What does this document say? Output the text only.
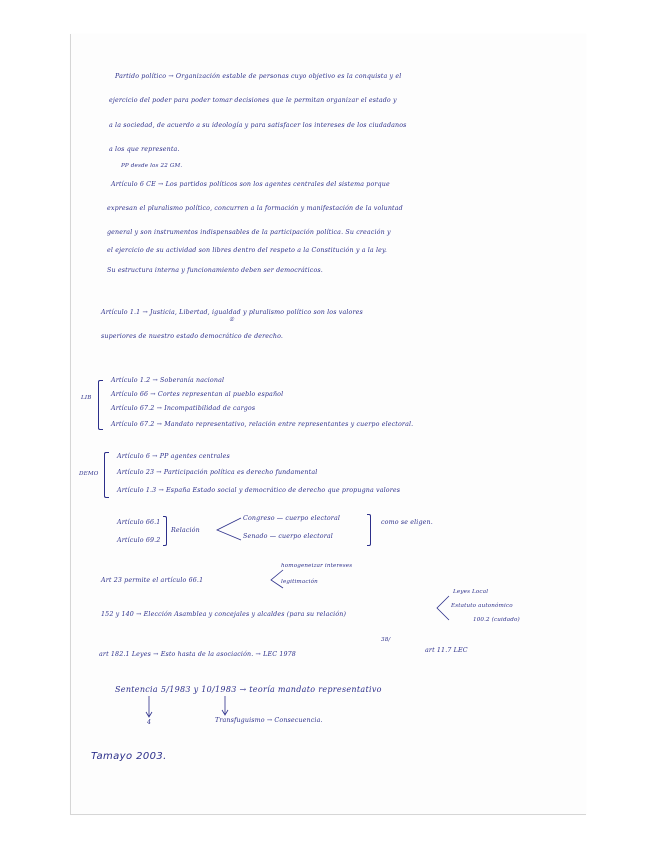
Partido político → Organización estable de personas cuyo objetivo es la conquista y el
ejercicio del poder para poder tomar decisiones que le permitan organizar el estado y
a la sociedad, de acuerdo a su ideología y para satisfacer los intereses de los ciudadanos
a los que representa.
PP desde los 22 GM.
Artículo 6 CE → Los partidos políticos son los agentes centrales del sistema porque
expresan el pluralismo político, concurren a la formación y manifestación de la voluntad
general y son instrumentos indispensables de la participación política. Su creación y
el ejercicio de su actividad son libres dentro del respeto a la Constitución y a la ley.
Su estructura interna y funcionamiento deben ser democráticos.
Artículo 1.1 → Justicia, Libertad, igualdad y pluralismo político son los valores
①
superiores de nuestro estado democrático de derecho.
LIB
Artículo 1.2 → Soberanía nacional
Artículo 66 → Cortes representan al pueblo español
Artículo 67.2 → Incompatibilidad de cargos
Artículo 67.2 → Mandato representativo, relación entre representantes y cuerpo electoral.
DEMO
Artículo 6 → PP agentes centrales
Artículo 23 → Participación política es derecho fundamental
Artículo 1.3 → España Estado social y democrático de derecho que propugna valores
Artículo 66.1
Artículo 69.2
Relación
Congreso — cuerpo electoral
Senado — cuerpo electoral
como se eligen.
Art 23 permite el artículo 66.1
homogeneizar intereses
legitimación
152 y 140 → Elección Asamblea y concejales y alcaldes (para su relación)
Leyes Local
Estatuto autonómico
100.2 (cuidado)
38/
art 182.1 Leyes → Esto hasta de la asociación. → LEC 1978
art 11.7 LEC
Sentencia 5/1983 y 10/1983 → teoría mandato representativo
4	Transfuguismo → Consecuencia.
Tamayo 2003.
